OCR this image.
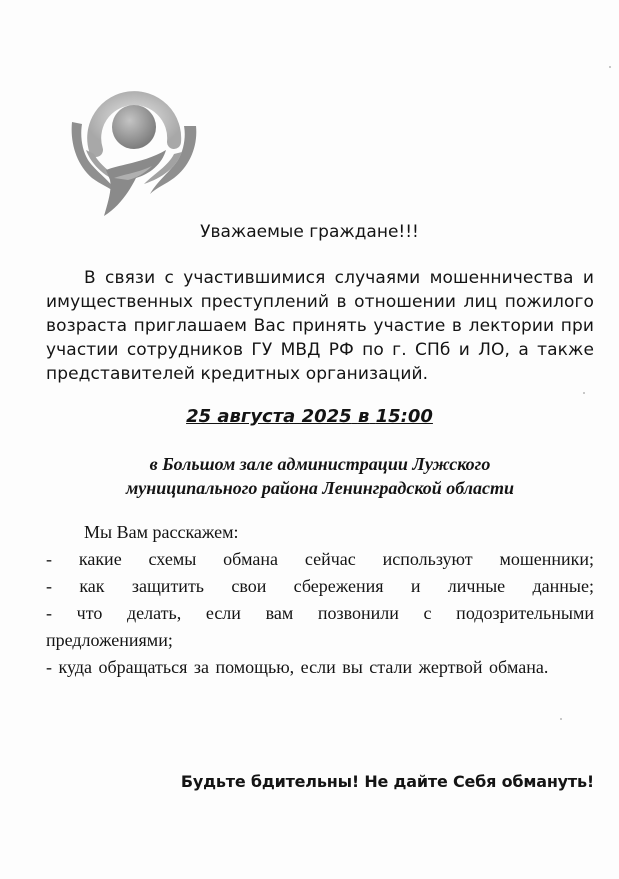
Уважаемые граждане!!!
В связи с участившимися случаями мошенничества и имущественных преступлений в отношении лиц пожилого возраста приглашаем Вас принять участие в лектории при участии сотрудников ГУ МВД РФ по г. СПб и ЛО, а также представителей кредитных организаций.
25 августа 2025 в 15:00
в Большом зале администрации Лужского
муниципального района Ленинградской области
Мы Вам расскажем:

- какие схемы обмана сейчас используют мошенники;

- как защитить свои сбережения и личные данные;

- что делать, если вам позвонили с подозрительными предложениями;

- куда обращаться за помощью, если вы стали жертвой обмана.

Будьте бдительны! Не дайте Себя обмануть!
